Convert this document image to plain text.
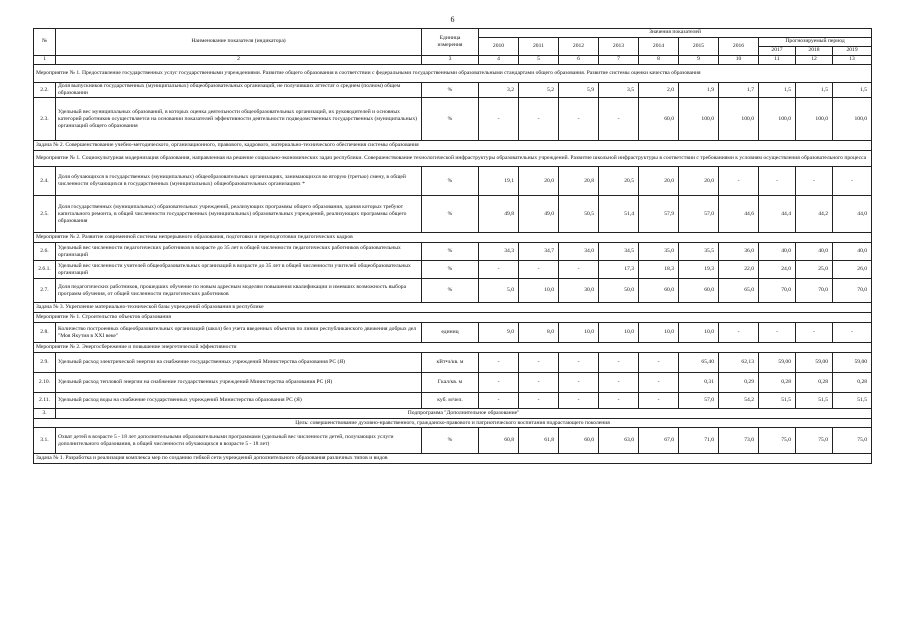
6
№	Наименование показателя (индикатора)	Единица
измерения	Значения показателей									
			2010	2011	2012	2013	2014	2015	2016	Прогнозируемый период		
										2017	2018	2019
1	2	3	4	5	6	7	8	9	10	11	12	13
Мероприятие № 1. Предоставление государственных услуг государственными учреждениями. Развитие общего образования в соответствии с федеральными государственными образовательными стандартами общего образования. Развитие системы оценки качества образования												
2.2.	Доля выпускников государственных (муниципальных) общеобразовательных организаций, не получивших аттестат о среднем (полном) общем образовании	%	3,2	5,2	5,9	3,5	2,0	1,9	1,7	1,5	1,5	1,5
2.3.	Удельный вес муниципальных образований, в которых оценка деятельности общеобразовательных организаций, их руководителей и основных категорий работников осуществляется на основании показателей эффективности деятельности подведомственных государственных (муниципальных) организаций общего образования	%	-	-	-	-	60,0	100,0	100,0	100,0	100,0	100,0
Задача № 2. Совершенствование учебно-методического, организационного, правового, кадрового, материально-технического обеспечения системы образования												
Мероприятие № 1. Социокультурная модернизация образования, направленная на решение социально-экономических задач республики. Совершенствование технологической инфраструктуры образовательных учреждений. Развитие школьной инфраструктуры в соответствии с требованиями к условиям осуществления образовательного процесса												
2.4.	Доля обучающихся в государственных (муниципальных) общеобразовательных организациях, занимающихся во вторую (третью) смену, в общей численности обучающихся в государственных (муниципальных) общеобразовательных организациях *	%	19,1	20,0	20,8	20,5	20,0	20,0	-	-	-	-
2.5.	Доля государственных (муниципальных) образовательных учреждений, реализующих программы общего образования, здания которых требуют капитального ремонта, в общей численности государственных (муниципальных) образовательных учреждений, реализующих программы общего образования	%	49,8	49,0	50,5	51,4	57,9	57,0	44,6	44,4	44,2	44,0
Мероприятие № 2. Развитие современной системы непрерывного образования, подготовки и переподготовки педагогических кадров												
2.6.	Удельный вес численности педагогических работников в возрасте до 35 лет в общей численности педагогических работников образовательных организаций	%	34,3	34,7	34,0	34,5	35,0	35,5	36,0	40,0	40,0	40,0
2.6.1.	Удельный вес численности учителей общеобразовательных организаций в возрасте до 35 лет в общей численности учителей общеобразовательных организаций	%	-	-	-	17,3	18,3	19,3	22,0	24,0	25,0	26,0
2.7.	Доля педагогических работников, прошедших обучение по новым адресным моделям повышения квалификации и имевших возможность выбора программ обучения, от общей численности педагогических работников	%	5,0	10,0	30,0	50,0	60,0	60,0	65,0	70,0	70,0	70,0
Задача № 3. Укрепление материально-технической базы учреждений образования в республике												
Мероприятие № 1. Строительство объектов образования												
2.8.	Количество построенных общеобразовательных организаций (школ) без учета введенных объектов по линии республиканского движения добрых дел "Моя Якутия в XXI веке"	единиц	9,0	8,0	10,0	10,0	10,0	10,0	-	-	-	-
Мероприятие № 2. Энергосбережение и повышение энергетической эффективности												
2.9.	Удельный расход электрической энергии на снабжение государственных учреждений Министерства образования РС (Я)	кВт•ч/кв. м	-	-	-	-	-	65,40	62,13	59,00	59,00	59,00
2.10.	Удельный расход тепловой энергии на снабжение государственных учреждений Министерства образования РС (Я)	Гкал/кв. м	-	-	-	-	-	0,31	0,29	0,28	0,28	0,28
2.11.	Удельный расход воды на снабжение государственных учреждений Министерства образования РС (Я)	куб. м/чел.	-	-	-	-	-	57,0	54,2	51,5	51,5	51,5
3.	Подпрограмма "Дополнительное образование"											
Цель: совершенствование духовно-нравственного, гражданско-правового и патриотического воспитания подрастающего поколения												
3.1.	Охват детей в возрасте 5 - 18 лет дополнительными образовательными программами (удельный вес численности детей, получающих услуги дополнительного образования, в общей численности обучающихся в возрасте 5 - 18 лет)	%	60,8	61,8	60,0	63,0	67,0	71,0	73,0	75,0	75,0	75,0
Задача № 1. Разработка и реализация комплекса мер по созданию гибкой сети учреждений дополнительного образования различных типов и видов												
